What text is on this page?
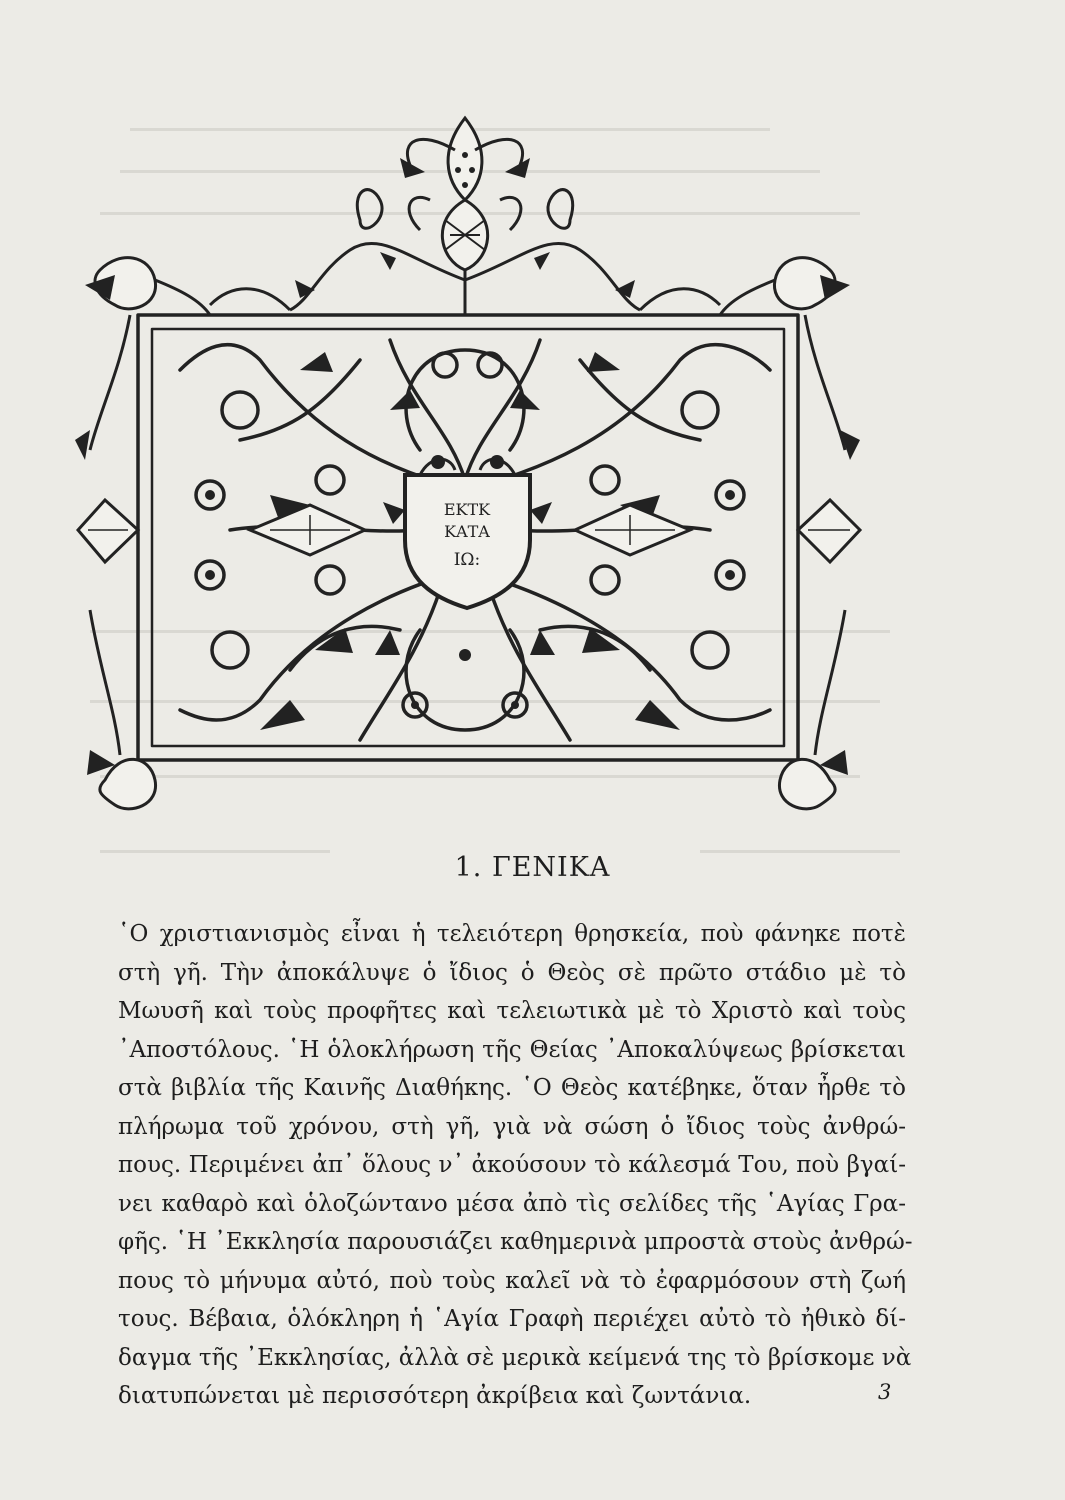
ΕΚΤΚ
ΚΑΤΑ
ΙΩ:
1. ΓΕΝΙΚΑ
῾Ο χριστιανισμὸς εἶναι ἡ τελειότερη θρησκεία, ποὺ φάνηκε ποτὲ
στὴ γῆ. Τὴν ἀποκάλυψε ὁ ἴδιος ὁ Θεὸς σὲ πρῶτο στάδιο μὲ τὸ
Μωυσῆ καὶ τοὺς προφῆτες καὶ τελειωτικὰ μὲ τὸ Χριστὸ καὶ τοὺς
᾿Αποστόλους. ῾Η ὁλοκλήρωση τῆς Θείας ᾿Αποκαλύψεως βρίσκεται
στὰ βιβλία τῆς Καινῆς Διαθήκης. ῾Ο Θεὸς κατέβηκε, ὅταν ἦρθε τὸ
πλήρωμα τοῦ χρόνου, στὴ γῆ, γιὰ νὰ σώση ὁ ἴδιος τοὺς ἀνθρώ-
πους. Περιμένει ἀπ᾿ ὅλους ν᾿ ἀκούσουν τὸ κάλεσμά Του, ποὺ βγαί-
νει καθαρὸ καὶ ὁλοζώντανο μέσα ἀπὸ τὶς σελίδες τῆς ῾Αγίας Γρα-
φῆς. ῾Η ᾿Εκκλησία παρουσιάζει καθημερινὰ μπροστὰ στοὺς ἀνθρώ-
πους τὸ μήνυμα αὐτό, ποὺ τοὺς καλεῖ νὰ τὸ ἐφαρμόσουν στὴ ζωή
τους. Βέβαια, ὁλόκληρη ἡ ῾Αγία Γραφὴ περιέχει αὐτὸ τὸ ἠθικὸ δί-
δαγμα τῆς ᾿Εκκλησίας, ἀλλὰ σὲ μερικὰ κείμενά της τὸ βρίσκομε νὰ
διατυπώνεται μὲ περισσότερη ἀκρίβεια καὶ ζωντάνια.	3
